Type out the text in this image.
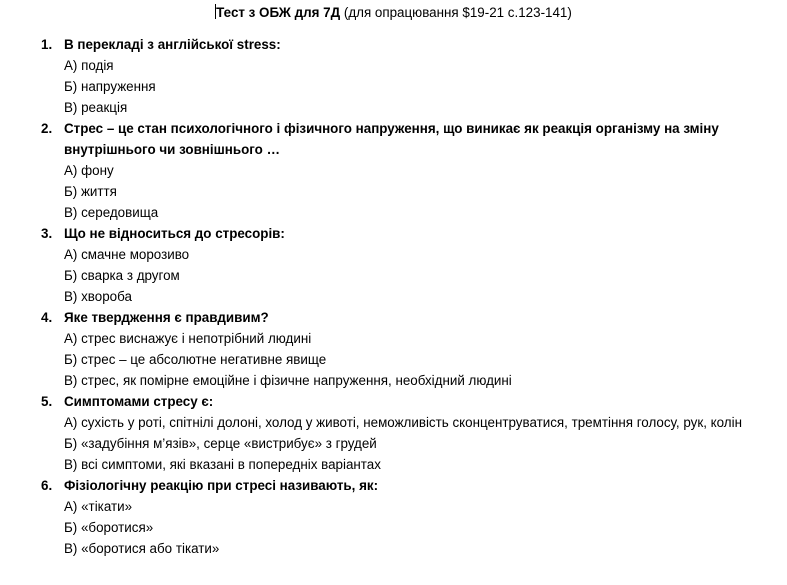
Тест з ОБЖ для 7Д (для опрацювання $19-21 с.123-141)
1. В перекладі з англійської stress:
А) подія
Б) напруження
В) реакція
2. Стрес – це стан психологічного і фізичного напруження, що виникає як реакція організму на зміну внутрішнього чи зовнішнього …
А) фону
Б) життя
В) середовища
3. Що не відноситься до стресорів:
А) смачне морозиво
Б) сварка з другом
В) хвороба
4. Яке твердження є правдивим?
А) стрес виснажує і непотрібний людині
Б) стрес – це абсолютне негативне явище
В) стрес, як помірне емоційне і фізичне напруження, необхідний людині
5. Симптомами стресу є:
А) сухість у роті, спітнілі долоні, холод у животі, неможливість сконцентруватися, тремтіння голосу, рук, колін
Б) «задубіння м’язів», серце «вистрибує» з грудей
В) всі симптоми, які вказані в попередніх варіантах
6. Фізіологічну реакцію при стресі називають, як:
А) «тікати»
Б) «боротися»
В) «боротися або тікати»
